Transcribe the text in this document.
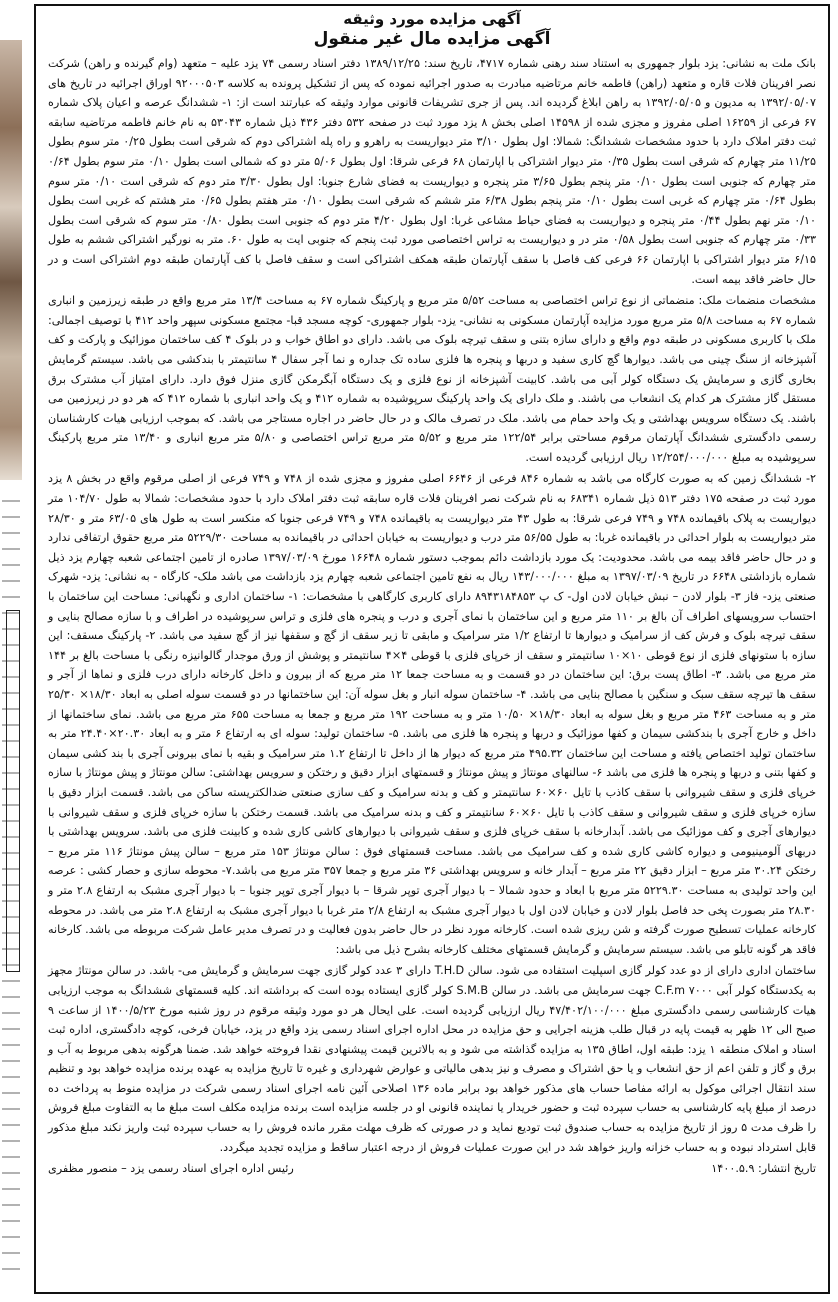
آگهی مزایده مورد وثیقه
آگهی مزایده مال غیر منقول

بانک ملت به نشانی: یزد بلوار جمهوری به استناد سند رهنی شماره ۴۷۱۷، تاریخ سند: ۱۳۸۹/۱۲/۲۵ دفتر اسناد رسمی ۷۴ یزد علیه – متعهد (وام گیرنده و راهن) شرکت نصر افرینان فلات قاره و متعهد (راهن) فاطمه خانم مرتاضیه مبادرت به صدور اجرائیه نموده که پس از تشکیل پرونده به کلاسه ۹۲۰۰۰۵۰۳ اوراق اجرائیه در تاریخ های ۱۳۹۲/۰۵/۰۷ به مدیون و ۱۳۹۲/۰۵/۰۵ به راهن ابلاغ گردیده اند. پس از جری تشریفات قانونی موارد وثیقه که عبارتند است از: ۱- ششدانگ عرصه و اعیان پلاک شماره ۶۷ فرعی از ۱۶۲۵۹ اصلی مفروز و مجزی شده از ۱۴۵۹۸ اصلی بخش ۸ یزد مورد ثبت در صفحه ۵۳۲ دفتر ۴۳۶ ذیل شماره ۵۳۰۴۳ به نام خانم فاطمه مرتاضیه سابقه ثبت دفتر املاک دارد با حدود مشخصات ششدانگ: شمالا: اول بطول ۳/۱۰ متر دیواریست به راهرو و راه پله اشتراکی دوم که شرقی است بطول ۰/۲۵ متر سوم بطول ۱۱/۲۵ متر چهارم که شرقی است بطول ۰/۳۵ متر دیوار اشتراکی با اپارتمان ۶۸ فرعی شرقا: اول بطول ۵/۰۶ متر دو که شمالی است بطول ۰/۱۰ متر سوم بطول ۰/۶۴ متر چهارم که جنوبی است بطول ۰/۱۰ متر پنجم بطول ۳/۶۵ متر پنجره و دیواریست به فضای شارع جنوبا: اول بطول ۳/۳۰ متر دوم که شرقی است ۰/۱۰ متر سوم بطول ۰/۶۴ متر چهارم که غربی است بطول ۰/۱۰ متر پنجم بطول ۶/۳۸ متر ششم که شرقی است بطول ۰/۱۰ متر هفتم بطول ۰/۶۵ متر هشتم که غربی است بطول ۰/۱۰ متر نهم بطول ۰/۴۴ متر پنجره و دیواریست به فضای حیاط مشاعی غربا: اول بطول ۴/۲۰ متر دوم که جنوبی است بطول ۰/۸۰ متر سوم که شرقی است بطول ۰/۳۳ متر چهارم که جنوبی است بطول ۰/۵۸ متر در و دیواریست به تراس اختصاصی مورد ثبت پنجم که جنوبی ایت به طول ۶۰. متر به نورگیر اشتراکی ششم به طول ۶/۱۵ متر دیوار اشتراکی با اپارتمان ۶۶ فرعی کف فاصل با سقف آپارتمان طبقه همکف اشتراکی است و سقف فاصل با کف آپارتمان طبقه دوم اشتراکی است و در حال حاضر فاقد بیمه است.

مشخصات منضمات ملک: منضماتی از نوع تراس اختصاصی به مساحت ۵/۵۲ متر مربع و پارکینگ شماره ۶۷ به مساحت ۱۳/۴ متر مربع واقع در طبقه زیرزمین و انباری شماره ۶۷ به مساحت ۵/۸ متر مربع مورد مزایده آپارتمان مسکونی به نشانی- یزد- بلوار جمهوری- کوچه مسجد قبا- مجتمع مسکونی سپهر واحد ۴۱۲ با توصیف اجمالی: ملک با کاربری مسکونی در طبقه دوم واقع و دارای سازه بتنی و سقف تیرچه بلوک می باشد. دارای دو اطاق خواب و در بلوک ۴ کف ساختمان موزائیک و پارکت و کف آشپزخانه از سنگ چینی می باشد. دیوارها گچ کاری سفید و دربها و پنجره ها فلزی ساده تک جداره و نما آجر سفال ۴ سانتیمتر با بندکشی می باشد. سیستم گرمایش بخاری گازی و سرمایش یک دستگاه کولر آبی می باشد. کابینت آشپزخانه از نوع فلزی و یک دستگاه آبگرمکن گازی منزل فوق دارد. دارای امتیاز آب مشترک برق مستقل گاز مشترک هر کدام یک انشعاب می باشند. و ملک دارای یک واحد پارکینگ سرپوشیده به شماره ۴۱۲ و یک واحد انباری با شماره ۴۱۲ که هر دو در زیرزمین می باشند. یک دستگاه سرویس بهداشتی و یک واحد حمام می باشد. ملک در تصرف مالک و در حال حاضر در اجاره مستاجر می باشد. که بموجب ارزیابی هیات کارشناسان رسمی دادگستری ششدانگ آپارتمان مرقوم مساحتی برابر ۱۲۲/۵۴ متر مربع و ۵/۵۲ متر مربع تراس اختصاصی و ۵/۸۰ متر مربع انباری و ۱۳/۴۰ متر مربع پارکینگ سرپوشیده به مبلغ ۱۲/۲۵۴/۰۰۰/۰۰۰ ریال ارزیابی گردیده است.

۲- ششدانگ زمین که به صورت کارگاه می باشد به شماره ۸۴۶ فرعی از ۶۶۴۶ اصلی مفروز و مجزی شده از ۷۴۸ و ۷۴۹ فرعی از اصلی مرقوم واقع در بخش ۸ یزد مورد ثبت در صفحه ۱۷۵ دفتر ۵۱۳ ذیل شماره ۶۸۳۴۱ به نام شرکت نصر افرینان فلات قاره سابقه ثبت دفتر املاک دارد با حدود مشخصات: شمالا به طول ۱۰۴/۷۰ متر دیواریست به پلاک باقیمانده ۷۴۸ و ۷۴۹ فرعی شرقا: به طول ۴۳ متر دیواریست به باقیمانده ۷۴۸ و ۷۴۹ فرعی جنوبا که منکسر است به طول های ۶۳/۰۵ متر و ۲۸/۳۰ متر دیواریست به بلوار احداثی در باقیمانده غربا: به طول ۵۶/۵۵ متر درب و دیواریست به خیابان احداثی در باقیمانده به مساحت ۵۲۲۹/۳۰ متر مربع حقوق ارتفاقی ندارد و در حال حاضر فاقد بیمه می باشد. محدودیت: یک مورد بازداشت دائم بموجب دستور شماره ۱۶۶۴۸ مورخ ۱۳۹۷/۰۳/۰۹ صادره از تامین اجتماعی شعبه چهارم یزد ذیل شماره بازداشتی ۶۶۴۸ در تاریخ ۱۳۹۷/۰۳/۰۹ به مبلغ ۱۴۳/۰۰۰/۰۰۰ ریال به نفع تامین اجتماعی شعبه چهارم یزد بازداشت می باشد ملک- کارگاه - به نشانی: یزد- شهرک صنعتی یزد- فاز ۳- بلوار لادن – نبش خیابان لادن اول- ک پ ۸۹۴۳۱۸۴۸۵۳ دارای کاربری کارگاهی با مشخصات: ۱- ساختمان اداری و نگهبانی: مساحت این ساختمان با احتساب سرویسهای اطراف آن بالغ بر ۱۱۰ متر مربع و این ساختمان با نمای آجری و درب و پنجره های فلزی و تراس سرپوشیده در اطراف و با سازه مصالح بنایی و سقف تیرچه بلوک و فرش کف از سرامیک و دیوارها تا ارتفاع ۱/۲ متر سرامیک و مابقی تا زیر سقف از گچ و سقفها نیز از گچ سفید می باشد. ۲- پارکینگ مسقف: این سازه با ستونهای فلزی از نوع قوطی ۱۰×۱۰ سانتیمتر و سقف از خرپای فلزی با قوطی ۴×۴ سانتیمتر و پوشش از ورق موجدار گالوانیزه رنگی با مساحت بالغ بر ۱۴۴ متر مربع می باشد. ۳- اطاق پست برق: این ساختمان در دو قسمت و به مساحت جمعا ۱۲ متر مربع که از بیرون و داخل کارخانه دارای درب فلزی و نماها از آجر و سقف ها تیرچه سقف سبک و سنگین با مصالح بنایی می باشد. ۴- ساختمان سوله انبار و بغل سوله آن: این ساختمانها در دو قسمت سوله اصلی به ابعاد ۱۸/۳۰× ۲۵/۳۰ متر و به مساحت ۴۶۳ متر مربع و بغل سوله به ابعاد ۱۸/۳۰× ۱۰/۵۰ متر و به مساحت ۱۹۲ متر مربع و جمعا به مساحت ۶۵۵ متر مربع می باشد. نمای ساختمانها از داخل و خارج آجری با بندکشی سیمان و کفها موزائیک و دربها و پنجره ها فلزی می باشد. ۵- ساختمان تولید: سوله ای به ارتفاع ۶ متر و به ابعاد ۲۰.۳۰×۲۴.۴۰ متر به ساختمان تولید اختصاص یافته و مساحت این ساختمان ۴۹۵.۳۲ متر مربع که دیوار ها از داخل تا ارتفاع ۱.۲ متر سرامیک و بقیه با نمای بیرونی آجری با بند کشی سیمان و کفها بتنی و دربها و پنجره ها فلزی می باشد ۶- سالنهای مونتاژ و پیش مونتاژ و قسمتهای ابزار دقیق و رختکن و سرویس بهداشتی: سالن مونتاژ و پیش مونتاژ با سازه خرپای فلزی و سقف شیروانی با سقف کاذب با تایل ۶۰×۶۰ سانتیمتر و کف و بدنه سرامیک و کف سازی صنعتی ضدالکتریسته ساکن می باشد. قسمت ابزار دقیق با سازه خرپای فلزی و سقف شیروانی و سقف کاذب با تایل ۶۰×۶۰ سانتیمتر و کف و بدنه سرامیک می باشد. قسمت رختکن با سازه خرپای فلزی و سقف شیروانی با دیوارهای آجری و کف موزائیک می باشد. آبدارخانه با سقف خرپای فلزی و سقف شیروانی با دیوارهای کاشی کاری شده و کابینت فلزی می باشد. سرویس بهداشتی با دربهای آلومینیومی و دیواره کاشی کاری شده و کف سرامیک می باشد. مساحت قسمتهای فوق : سالن مونتاژ ۱۵۳ متر مربع – سالن پیش مونتاژ ۱۱۶ متر مربع – رختکن ۳۰.۲۴ متر مربع – ابزار دقیق ۲۲ متر مربع – آبدار خانه و سرویس بهداشتی ۳۶ متر مربع و جمعا ۳۵۷ متر مربع می باشد.۷- محوطه سازی و حصار کشی : عرصه این واحد تولیدی به مساحت ۵۲۲۹.۳۰ متر مربع با ابعاد و حدود شمالا – با دیوار آجری توپر شرقا – با دیوار آجری توپر جنوبا – با دیوار آجری مشبک به ارتفاع ۲.۸ متر و ۲۸.۳۰ متر بصورت پخی حد فاصل بلوار لادن و خیابان لادن اول با دیوار آجری مشبک به ارتفاع ۲/۸ متر غربا با دیوار آجری مشبک به ارتفاع ۲.۸ متر می باشد. در محوطه کارخانه عملیات تسطیح صورت گرفته و شن ریزی شده است. کارخانه مورد نظر در حال حاضر بدون فعالیت و در تصرف مدیر عامل شرکت مربوطه می باشد. کارخانه فاقد هر گونه تابلو می باشد. سیستم سرمایش و گرمایش قسمتهای مختلف کارخانه بشرح ذیل می باشد:

ساختمان اداری دارای از دو عدد کولر گازی اسپلیت استفاده می شود. سالن T.H.D دارای ۳ عدد کولر گازی جهت سرمایش و گرمایش می- باشد. در سالن مونتاژ مجهز به یکدستگاه کولر آبی ۷۰۰۰ C.F.m جهت سرمایش می باشد. در سالن S.M.B کولر گازی ایستاده بوده است که برداشته اند. کلیه قسمتهای ششدانگ به موجب ارزیابی هیات کارشناسی رسمی دادگستری مبلغ ۴۷/۴۰۲/۱۰۰/۰۰۰ ریال ارزیابی گردیده است. علی ایحال هر دو مورد وثیقه مرقوم در روز شنبه مورخ ۱۴۰۰/۵/۲۳ از ساعت ۹ صبح الی ۱۲ ظهر به قیمت پایه در قبال طلب هزینه اجرایی و حق مزایده در محل اداره اجرای اسناد رسمی یزد واقع در یزد، خیابان فرخی، کوچه دادگستری، اداره ثبت اسناد و املاک منطقه ۱ یزد: طبقه اول، اطاق ۱۳۵ به مزایده گذاشته می شود و به بالاترین قیمت پیشنهادی نقدا فروخته خواهد شد. ضمنا هرگونه بدهی مربوط به آب و برق و گاز و تلفن اعم از حق انشعاب و یا حق اشتراک و مصرف و نیز بدهی مالیاتی و عوارض شهرداری و غیره تا تاریخ مزایده به عهده برنده مزایده خواهد بود و تنظیم سند انتقال اجرائی موکول به ارائه مفاصا حساب های مذکور خواهد بود برابر ماده ۱۳۶ اصلاحی آئین نامه اجرای اسناد رسمی شرکت در مزایده منوط به پرداخت ده درصد از مبلغ پایه کارشناسی به حساب سپرده ثبت و حضور خریدار یا نماینده قانونی او در جلسه مزایده است برنده مزایده مکلف است مبلغ ما به التفاوت مبلغ فروش را ظرف مدت ۵ روز از تاریخ مزایده به حساب صندوق ثبت تودیع نماید و در صورتی که ظرف مهلت مقرر مانده فروش را به حساب سپرده ثبت واریز نکند مبلغ مذکور قابل استرداد نبوده و به حساب خزانه واریز خواهد شد در این صورت عملیات فروش از درجه اعتبار ساقط و مزایده تجدید میگردد.

تاریخ انتشار: ۱۴۰۰.۵.۹
رئیس اداره اجرای اسناد رسمی یزد – منصور مظفری
